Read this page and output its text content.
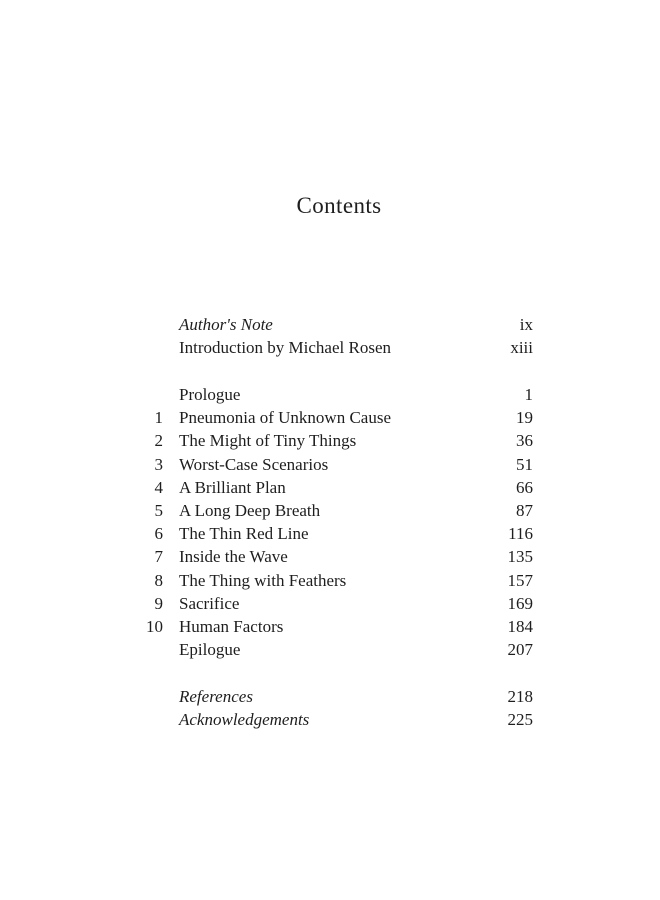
Contents
Author's Note	ix
Introduction by Michael Rosen	xiii
Prologue	1
1 Pneumonia of Unknown Cause	19
2 The Might of Tiny Things	36
3 Worst-Case Scenarios	51
4 A Brilliant Plan	66
5 A Long Deep Breath	87
6 The Thin Red Line	116
7 Inside the Wave	135
8 The Thing with Feathers	157
9 Sacrifice	169
10 Human Factors	184
Epilogue	207
References	218
Acknowledgements	225
